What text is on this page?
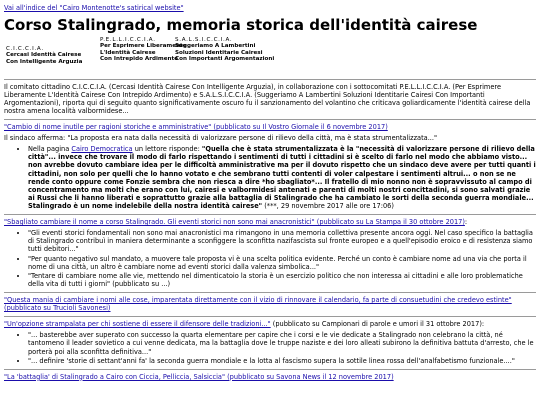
Vai all'indice del "Cairo Montenotte's satirical website"
Corso Stalingrado, memoria storica dell'identità cairese
C.I.C.C.I.A.
Cercasi Identità Cairese
Con Intelligente Arguzia
P.E.L.L.I.C.C.I.A.
Per Esprimere Liberamente
L'Identità Cairese
Con Intrepido Ardimento
S.A.L.S.I.C.C.I.A.
Suggeriamo A Lambertini
Soluzioni Identitarie Cairesi
Con Importanti Argomentazioni

Il comitato cittadino C.I.C.C.I.A. (Cercasi Identità Cairese Con Intelligente Arguzia), in collaborazione con i sottocomitati P.E.L.L.I.C.C.I.A. (Per Esprimere Liberamente L'Identità Cairese Con Intrepido Ardimento) e S.A.L.S.I.C.C.I.A. (Suggeriamo A Lambertini Soluzioni Identitarie Cairesi Con Importanti Argomentazioni), riporta qui di seguito quanto significativamente oscuro fu il sanzionamento del volantino che criticava goliardicamente l'identità cairese della nostra amena località valbormidese...

"Cambio di nome inutile per ragioni storiche e amministrative" (pubblicato su Il Vostro Giornale il 6 novembre 2017)

Il sindaco afferma: "La proposta era nata dalla necessità di valorizzare persone di rilievo della città, ma è stata strumentalizzata..."

• Nella pagina Cairo Democratica un lettore risponde: "Quella che è stata strumentalizzata è la "necessità di valorizzare persone di rilievo della città"... invece che trovare il modo di farlo rispettando i sentimenti di tutti i cittadini si è scelto di farlo nel modo che abbiamo visto... non avrebbe dovuto cambiare idea per le difficoltà amministrative ma per il dovuto rispetto che un sindaco deve avere per tutti quanti i cittadini, non solo per quelli che lo hanno votato e che sembrano tutti contenti di voler calpestare i sentimenti altrui... o non se ne rende conto oppure come Fonzie sembra che non riesca a dire *ho sbagliato*... Il fratello di mio nonno non è sopravvissuto al campo di concentramento ma molti che erano con lui, cairesi e valbormidesi antenati e parenti di molti nostri concittadini, si sono salvati grazie ai Russi che li hanno liberati e soprattutto grazie alla battaglia di Stalingrado che ha cambiato le sorti della seconda guerra mondiale... Stalingrado è un nome indelebile della nostra identità cairese" (***, 29 novembre 2017 alle ore 17:06)
"Sbagliato cambiare il nome a corso Stalingrado. Gli eventi storici non sono mai anacronistici" (pubblicato su La Stampa il 30 ottobre 2017):
• "Gli eventi storici fondamentali non sono mai anacronistici ma rimangono in una memoria collettiva presente ancora oggi. Nel caso specifico la battaglia di Stalingrado contribuì in maniera determinante a sconfiggere la sconfitta nazifascista sul fronte europeo e a quell'episodio eroico e di resistenza siamo tutti debitori..."
• "Per quanto negativo sul mandato, a muovere tale proposta vi è una scelta politica evidente. Perché un conto è cambiare nome ad una via che porta il nome di una città, un altro è cambiare nome ad eventi storici dalla valenza simbolica..."
• "Tentare di cambiare nome alle vie, mettendo nel dimenticatoio la storia è un esercizio politico che non interessa ai cittadini e alle loro problematiche della vita di tutti i giorni" (pubblicato su ...)
"Questa mania di cambiare i nomi alle cose, imparentata direttamente con il vizio di rinnovare il calendario, fa parte di consuetudini che credevo estinte" (pubblicato su Trucioli Savonesi)
"Un'opzione strampalata per chi sostiene di essere il difensore delle tradizioni..." (pubblicato su Campionari di parole e umori il 31 ottobre 2017):
• "... basterebbe aver superato con successo la quarta elementare per capire che i corsi e le vie dedicate a Stalingrado non celebrano la città, né tantomeno il leader sovietico a cui venne dedicata, ma la battaglia dove le truppe naziste e dei loro alleati subirono la definitiva battuta d'arresto, che le porterà poi alla sconfitta definitiva..."
• "... definire 'storie di settant'anni fa' la seconda guerra mondiale e la lotta al fascismo supera la sottile linea rossa dell'analfabetismo funzionale...."
"La 'battaglia' di Stalingrado a Cairo con Ciccia, Pelliccia, Salsiccia" (pubblicato su Savona News il 12 novembre 2017)
